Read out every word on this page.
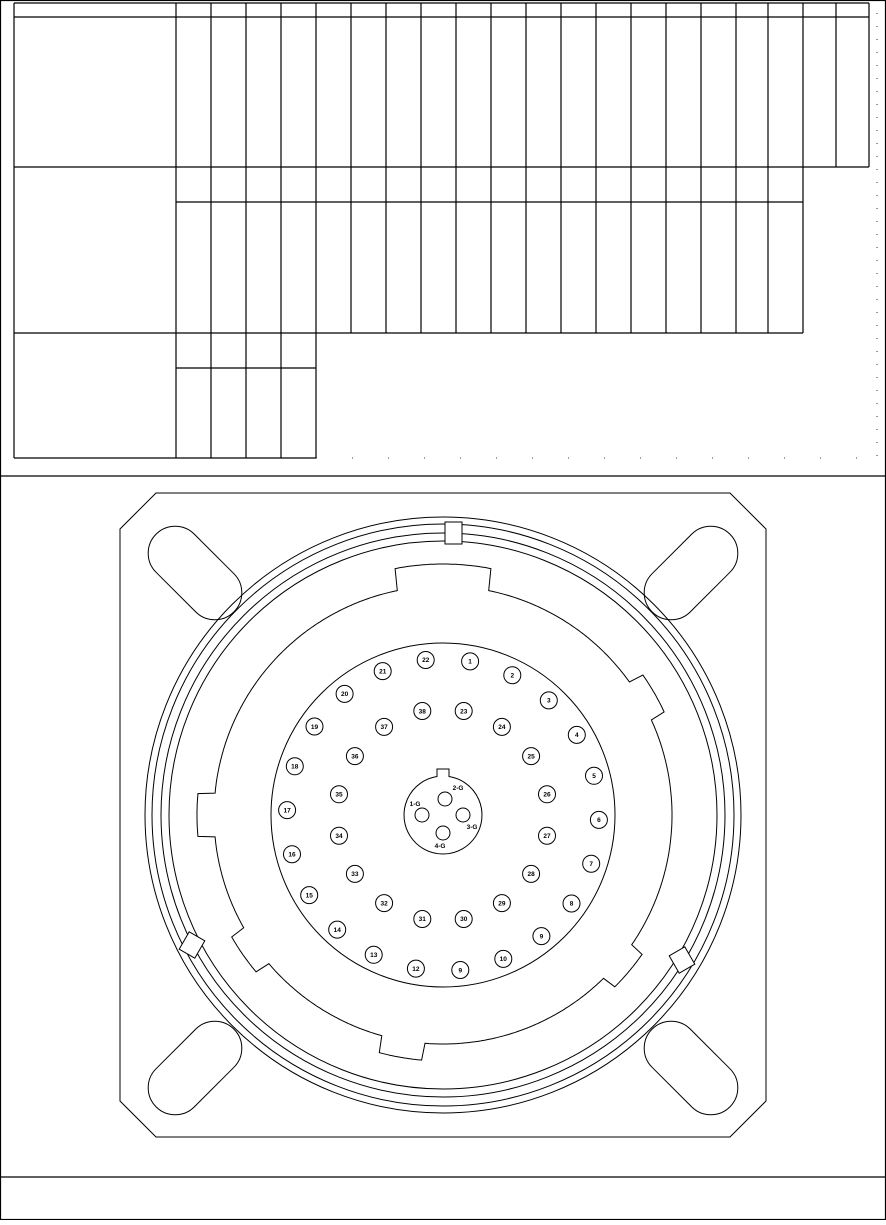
1
2
3
4
5
6
7
8
9
10
9
12
13
14
15
16
17
18
19
20
21
22
23
24
25
26
27
28
29
30
31
32
33
34
35
36
37
38
1-G
2-G
3-G
4-G
